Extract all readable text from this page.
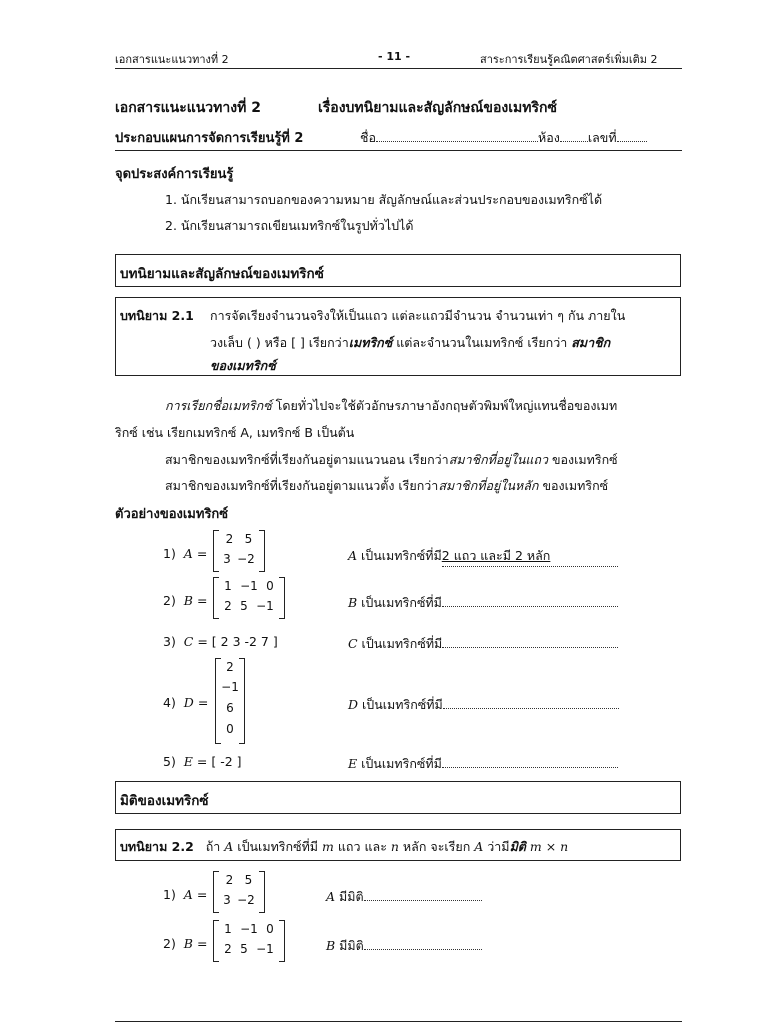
เอกสารแนะแนวทางที่ 2	- 11 -	สาระการเรียนรู้คณิตศาสตร์เพิ่มเติม 2
เอกสารแนะแนวทางที่ 2	เรื่องบทนิยามและสัญลักษณ์ของเมทริกซ์
ประกอบแผนการจัดการเรียนรู้ที่ 2	ชื่อ	ห้อง เลขที่
จุดประสงค์การเรียนรู้
1. นักเรียนสามารถบอกของความหมาย สัญลักษณ์และส่วนประกอบของเมทริกซ์ได้
2. นักเรียนสามารถเขียนเมทริกซ์ในรูปทั่วไปได้
บทนิยามและสัญลักษณ์ของเมทริกซ์
บทนิยาม 2.1 การจัดเรียงจำนวนจริงให้เป็นแถว แต่ละแถวมีจำนวน จำนวนเท่า ๆ กัน ภายใน
วงเล็บ ( ) หรือ [ ] เรียกว่าเมทริกซ์ แต่ละจำนวนในเมทริกซ์ เรียกว่า สมาชิก
ของเมทริกซ์
การเรียกชื่อเมทริกซ์ โดยทั่วไปจะใช้ตัวอักษรภาษาอังกฤษตัวพิมพ์ใหญ่แทนชื่อของเมท
ริกซ์ เช่น เรียกเมทริกซ์ A, เมทริกซ์ B เป็นต้น
สมาชิกของเมทริกซ์ที่เรียงกันอยู่ตามแนวนอน เรียกว่าสมาชิกที่อยู่ในแถว ของเมทริกซ์
สมาชิกของเมทริกซ์ที่เรียงกันอยู่ตามแนวตั้ง เรียกว่าสมาชิกที่อยู่ในหลัก ของเมทริกซ์
ตัวอย่างของเมทริกซ์
1) A =
2 5
3 −2	A เป็นเมทริกซ์ที่มี2 แถว และมี 2 หลัก
2) B =
1 −1 0
2 5 −1	B เป็นเมทริกซ์ที่มี
3) C = [ 2 3 -2 7 ]	C เป็นเมทริกซ์ที่มี
4) D =
2
−1
6
0
D เป็นเมทริกซ์ที่มี
5) E = [ -2 ]	E เป็นเมทริกซ์ที่มี
มิติของเมทริกซ์
บทนิยาม 2.2 ถ้า A เป็นเมทริกซ์ที่มี m แถว และ n หลัก จะเรียก A ว่ามีมิติ m × n
1) A =
2 5
3 −2	A มีมิติ
2) B =
1 −1 0
2 5 −1	B มีมิติ
